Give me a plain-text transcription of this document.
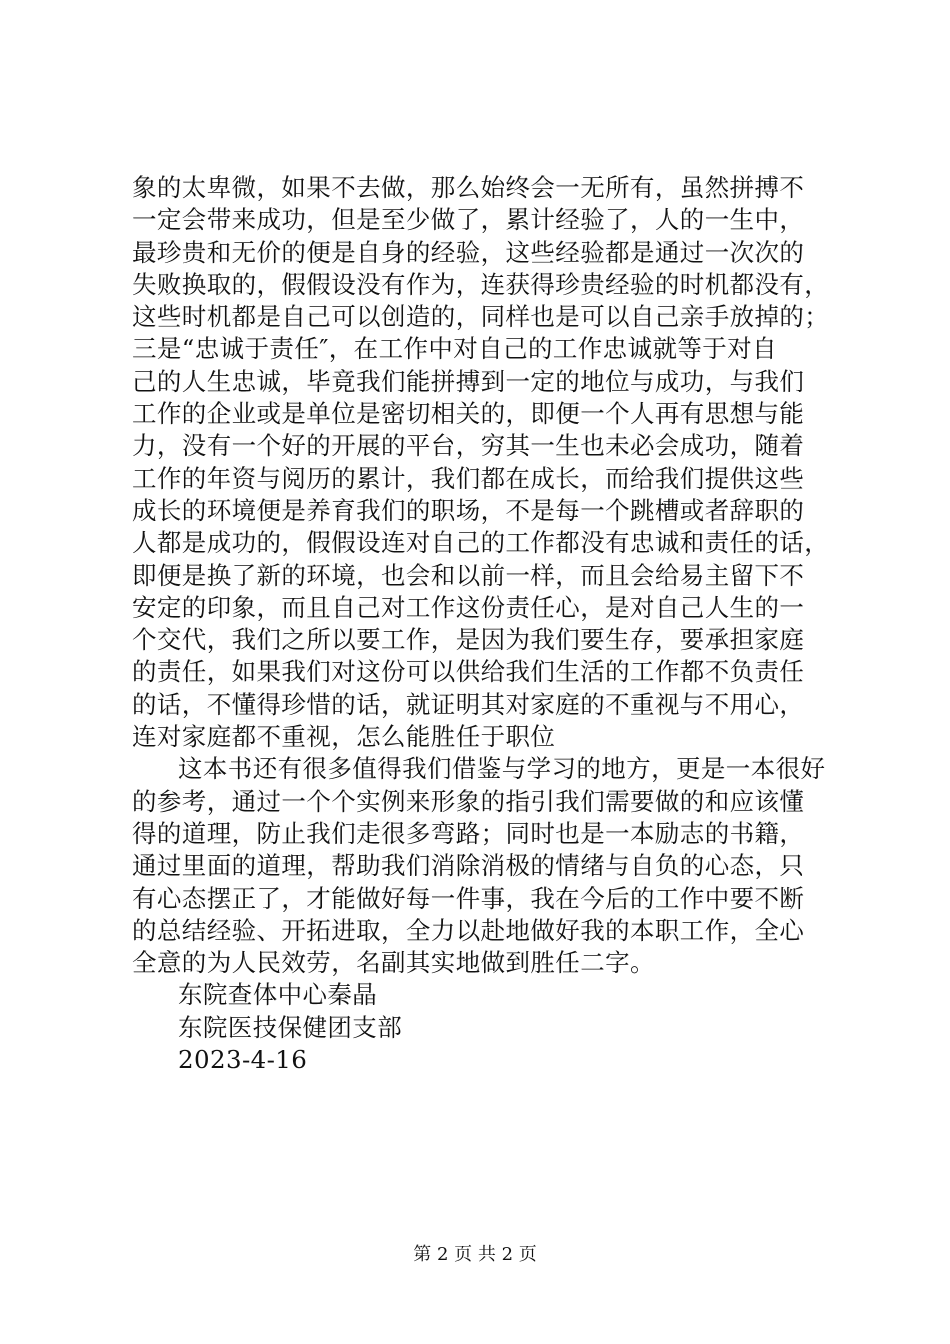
象的太卑微，如果不去做，那么始终会一无所有，虽然拼搏不
一定会带来成功，但是至少做了，累计经验了，人的一生中，
最珍贵和无价的便是自身的经验，这些经验都是通过一次次的
失败换取的，假假设没有作为，连获得珍贵经验的时机都没有，
这些时机都是自己可以创造的，同样也是可以自己亲手放掉的；
三是“忠诚于责任″，在工作中对自己的工作忠诚就等于对自
己的人生忠诚，毕竟我们能拼搏到一定的地位与成功，与我们
工作的企业或是单位是密切相关的，即便一个人再有思想与能
力，没有一个好的开展的平台，穷其一生也未必会成功，随着
工作的年资与阅历的累计，我们都在成长，而给我们提供这些
成长的环境便是养育我们的职场，不是每一个跳槽或者辞职的
人都是成功的，假假设连对自己的工作都没有忠诚和责任的话，
即便是换了新的环境，也会和以前一样，而且会给易主留下不
安定的印象，而且自己对工作这份责任心，是对自己人生的一
个交代，我们之所以要工作，是因为我们要生存，要承担家庭
的责任，如果我们对这份可以供给我们生活的工作都不负责任
的话，不懂得珍惜的话，就证明其对家庭的不重视与不用心，
连对家庭都不重视，怎么能胜任于职位
这本书还有很多值得我们借鉴与学习的地方，更是一本很好
的参考，通过一个个实例来形象的指引我们需要做的和应该懂
得的道理，防止我们走很多弯路；同时也是一本励志的书籍，
通过里面的道理，帮助我们消除消极的情绪与自负的心态，只
有心态摆正了，才能做好每一件事，我在今后的工作中要不断
的总结经验、开拓进取，全力以赴地做好我的本职工作，全心
全意的为人民效劳，名副其实地做到胜任二字。
东院查体中心秦晶
东院医技保健团支部
2023-4-16
第 2 页 共 2 页
